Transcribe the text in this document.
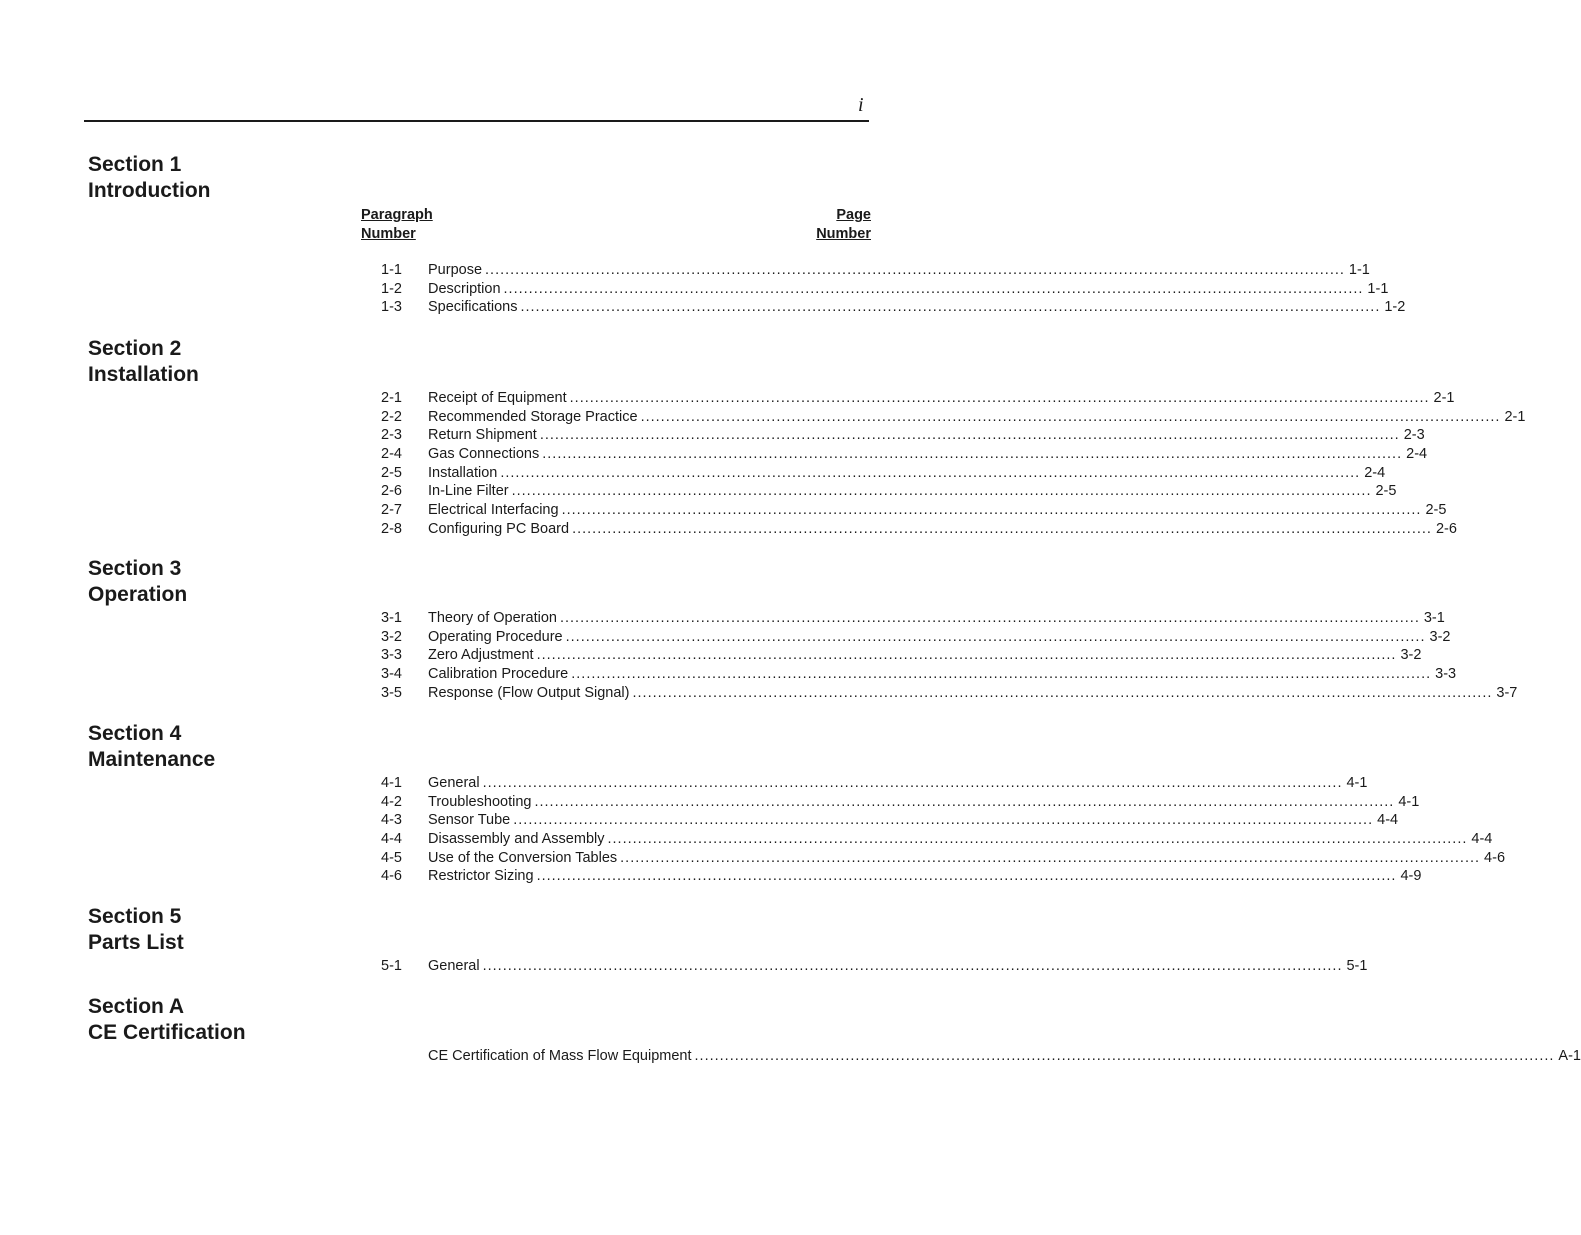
i
Paragraph
Number
Page
Number
Section 1
Introduction
1-1 Purpose ........................................................................................................................................................................... 1-1
1-2 Description ........................................................................................................................................................................... 1-1
1-3 Specifications ........................................................................................................................................................................... 1-2
Section 2
Installation
2-1 Receipt of Equipment ........................................................................................................................................................................... 2-1
2-2 Recommended Storage Practice ........................................................................................................................................................................... 2-1
2-3 Return Shipment ........................................................................................................................................................................... 2-3
2-4 Gas Connections ........................................................................................................................................................................... 2-4
2-5 Installation ........................................................................................................................................................................... 2-4
2-6 In-Line Filter ........................................................................................................................................................................... 2-5
2-7 Electrical Interfacing ........................................................................................................................................................................... 2-5
2-8 Configuring PC Board ........................................................................................................................................................................... 2-6
Section 3
Operation
3-1 Theory of Operation ........................................................................................................................................................................... 3-1
3-2 Operating Procedure ........................................................................................................................................................................... 3-2
3-3 Zero Adjustment ........................................................................................................................................................................... 3-2
3-4 Calibration Procedure ........................................................................................................................................................................... 3-3
3-5 Response (Flow Output Signal) ........................................................................................................................................................................... 3-7
Section 4
Maintenance
4-1 General ........................................................................................................................................................................... 4-1
4-2 Troubleshooting ........................................................................................................................................................................... 4-1
4-3 Sensor Tube ........................................................................................................................................................................... 4-4
4-4 Disassembly and Assembly ........................................................................................................................................................................... 4-4
4-5 Use of the Conversion Tables ........................................................................................................................................................................... 4-6
4-6 Restrictor Sizing ........................................................................................................................................................................... 4-9
Section 5
Parts List
5-1 General ........................................................................................................................................................................... 5-1
Section A
CE Certification
CE Certification of Mass Flow Equipment ........................................................................................................................................................................... A-1
